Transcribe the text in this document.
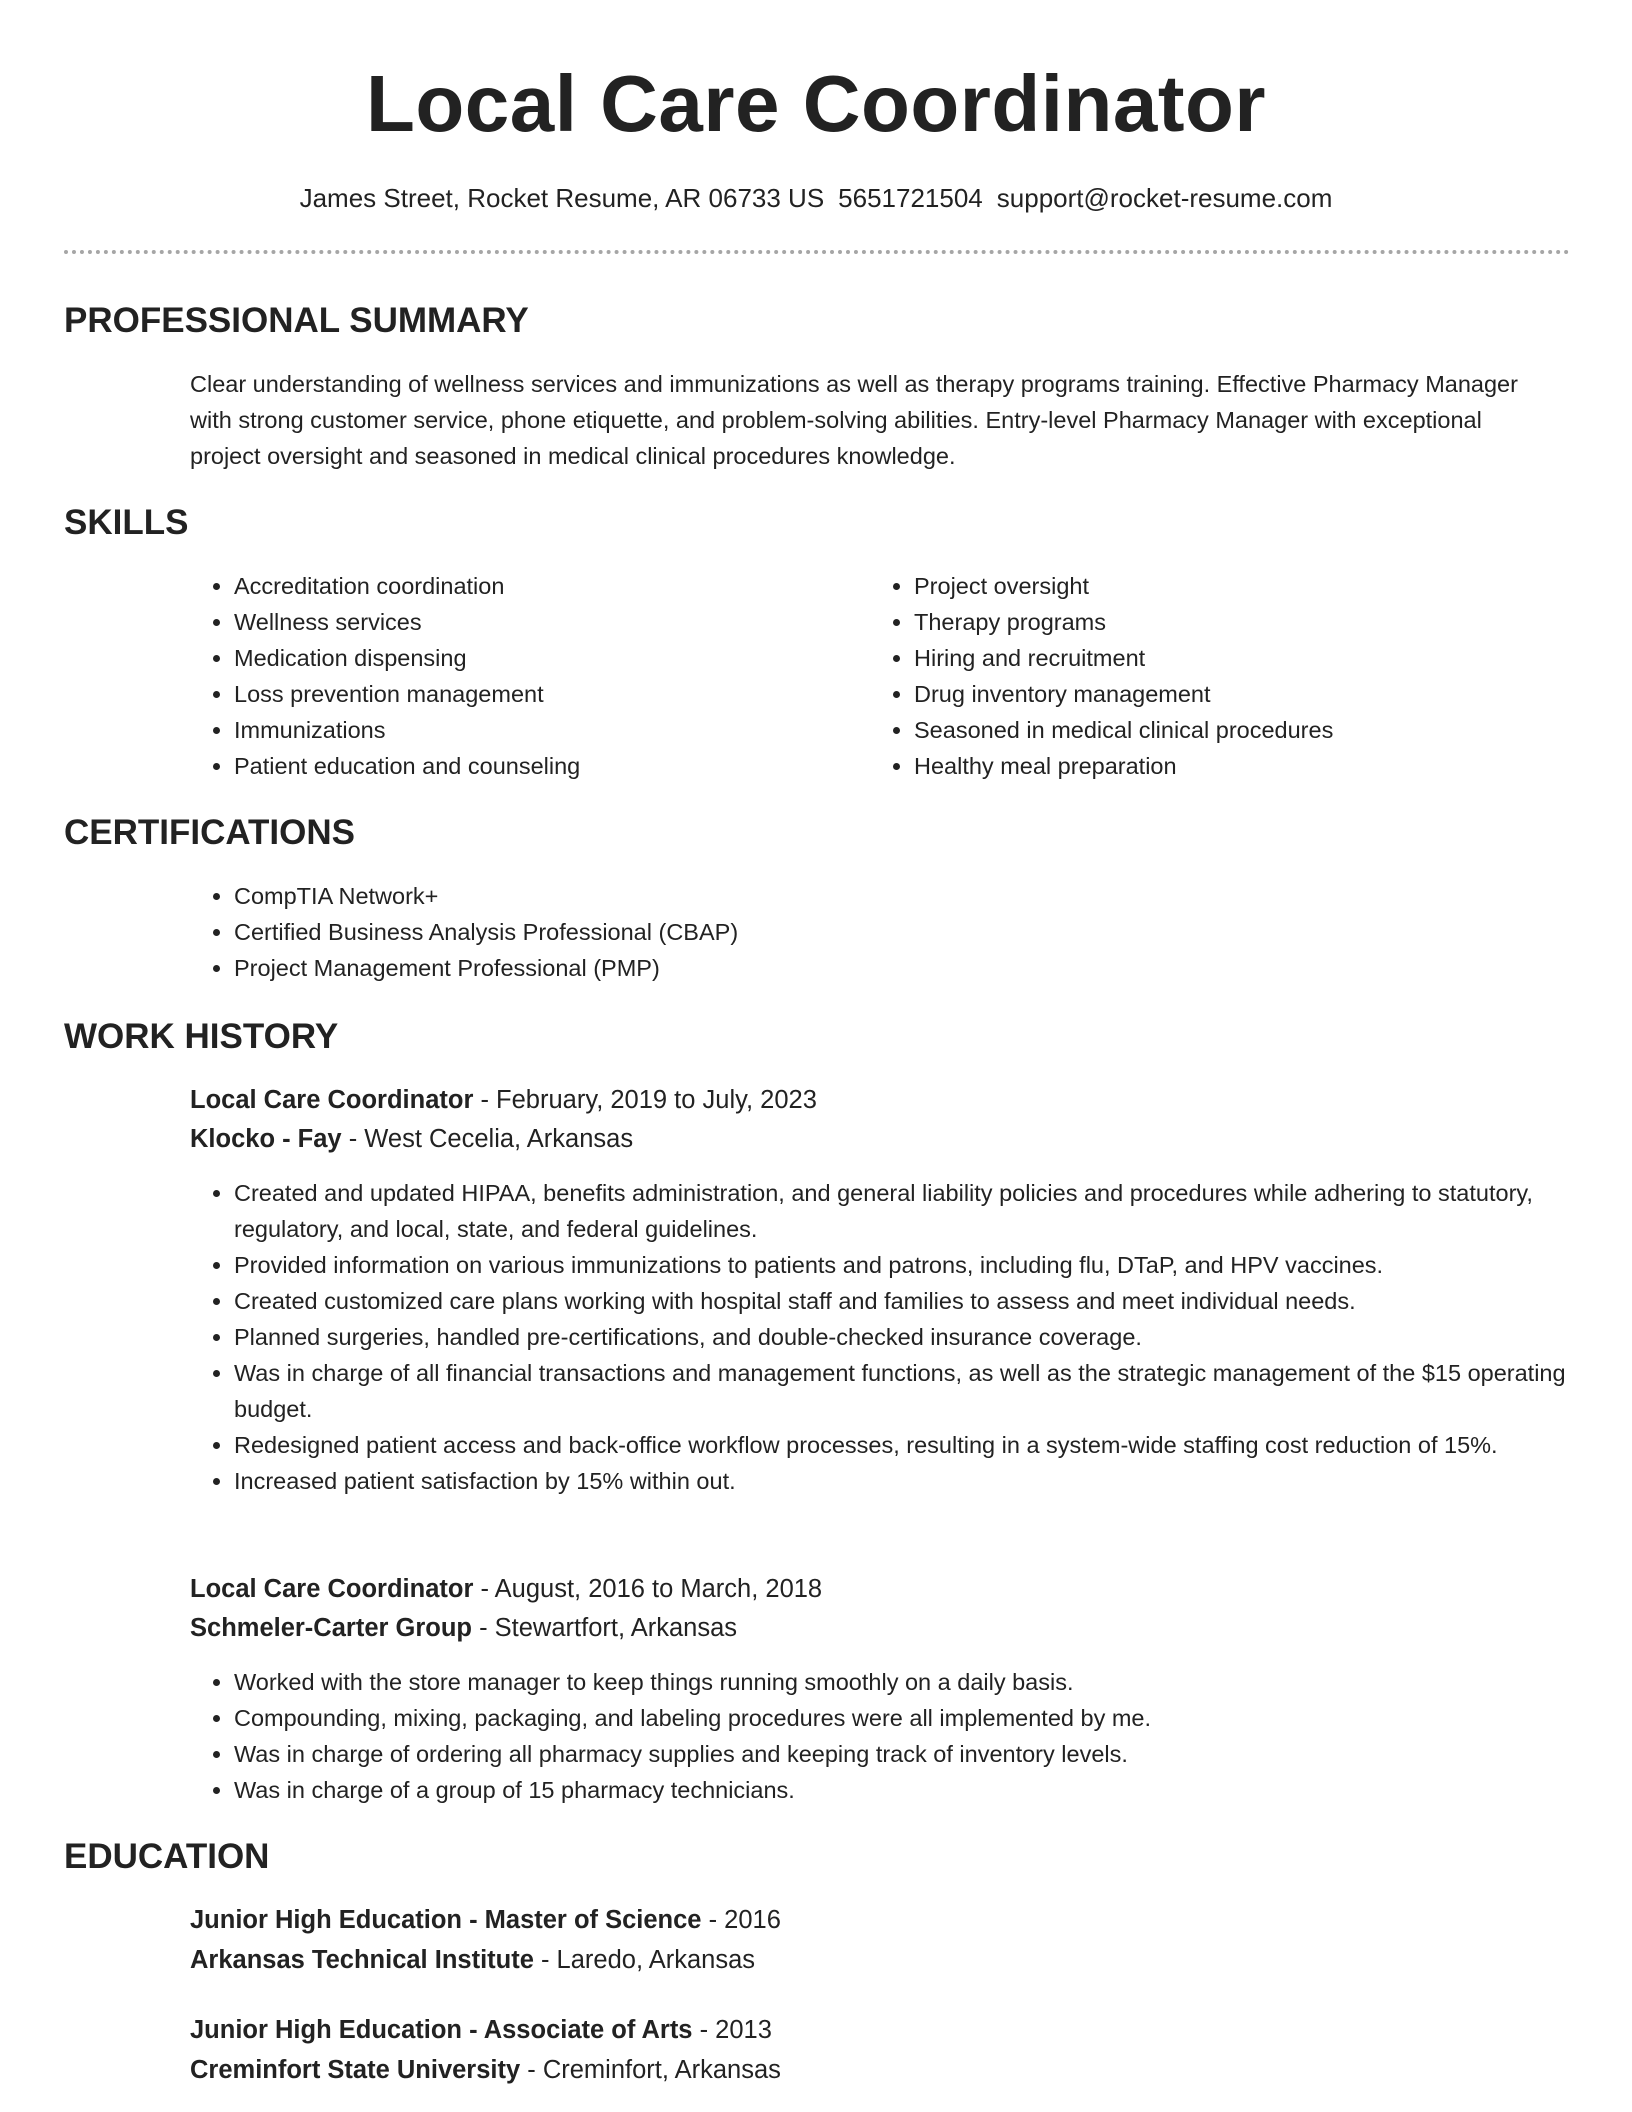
Local Care Coordinator
James Street, Rocket Resume, AR 06733 US 5651721504 support@rocket-resume.com
PROFESSIONAL SUMMARY

Clear understanding of wellness services and immunizations as well as therapy programs training. Effective Pharmacy Manager with strong customer service, phone etiquette, and problem-solving abilities. Entry-level Pharmacy Manager with exceptional project oversight and seasoned in medical clinical procedures knowledge.

SKILLS
• Accreditation coordination
• Wellness services
• Medication dispensing
• Loss prevention management
• Immunizations
• Patient education and counseling
• Project oversight
• Therapy programs
• Hiring and recruitment
• Drug inventory management
• Seasoned in medical clinical procedures
• Healthy meal preparation
CERTIFICATIONS
• CompTIA Network+
• Certified Business Analysis Professional (CBAP)
• Project Management Professional (PMP)
WORK HISTORY
Local Care Coordinator - February, 2019 to July, 2023
Klocko - Fay - West Cecelia, Arkansas
• Created and updated HIPAA, benefits administration, and general liability policies and procedures while adhering to statutory, regulatory, and local, state, and federal guidelines.
• Provided information on various immunizations to patients and patrons, including flu, DTaP, and HPV vaccines.
• Created customized care plans working with hospital staff and families to assess and meet individual needs.
• Planned surgeries, handled pre-certifications, and double-checked insurance coverage.
• Was in charge of all financial transactions and management functions, as well as the strategic management of the $15 operating budget.
• Redesigned patient access and back-office workflow processes, resulting in a system-wide staffing cost reduction of 15%.
• Increased patient satisfaction by 15% within out.
Local Care Coordinator - August, 2016 to March, 2018
Schmeler-Carter Group - Stewartfort, Arkansas
• Worked with the store manager to keep things running smoothly on a daily basis.
• Compounding, mixing, packaging, and labeling procedures were all implemented by me.
• Was in charge of ordering all pharmacy supplies and keeping track of inventory levels.
• Was in charge of a group of 15 pharmacy technicians.
EDUCATION
Junior High Education - Master of Science - 2016
Arkansas Technical Institute - Laredo, Arkansas
Junior High Education - Associate of Arts - 2013
Creminfort State University - Creminfort, Arkansas
